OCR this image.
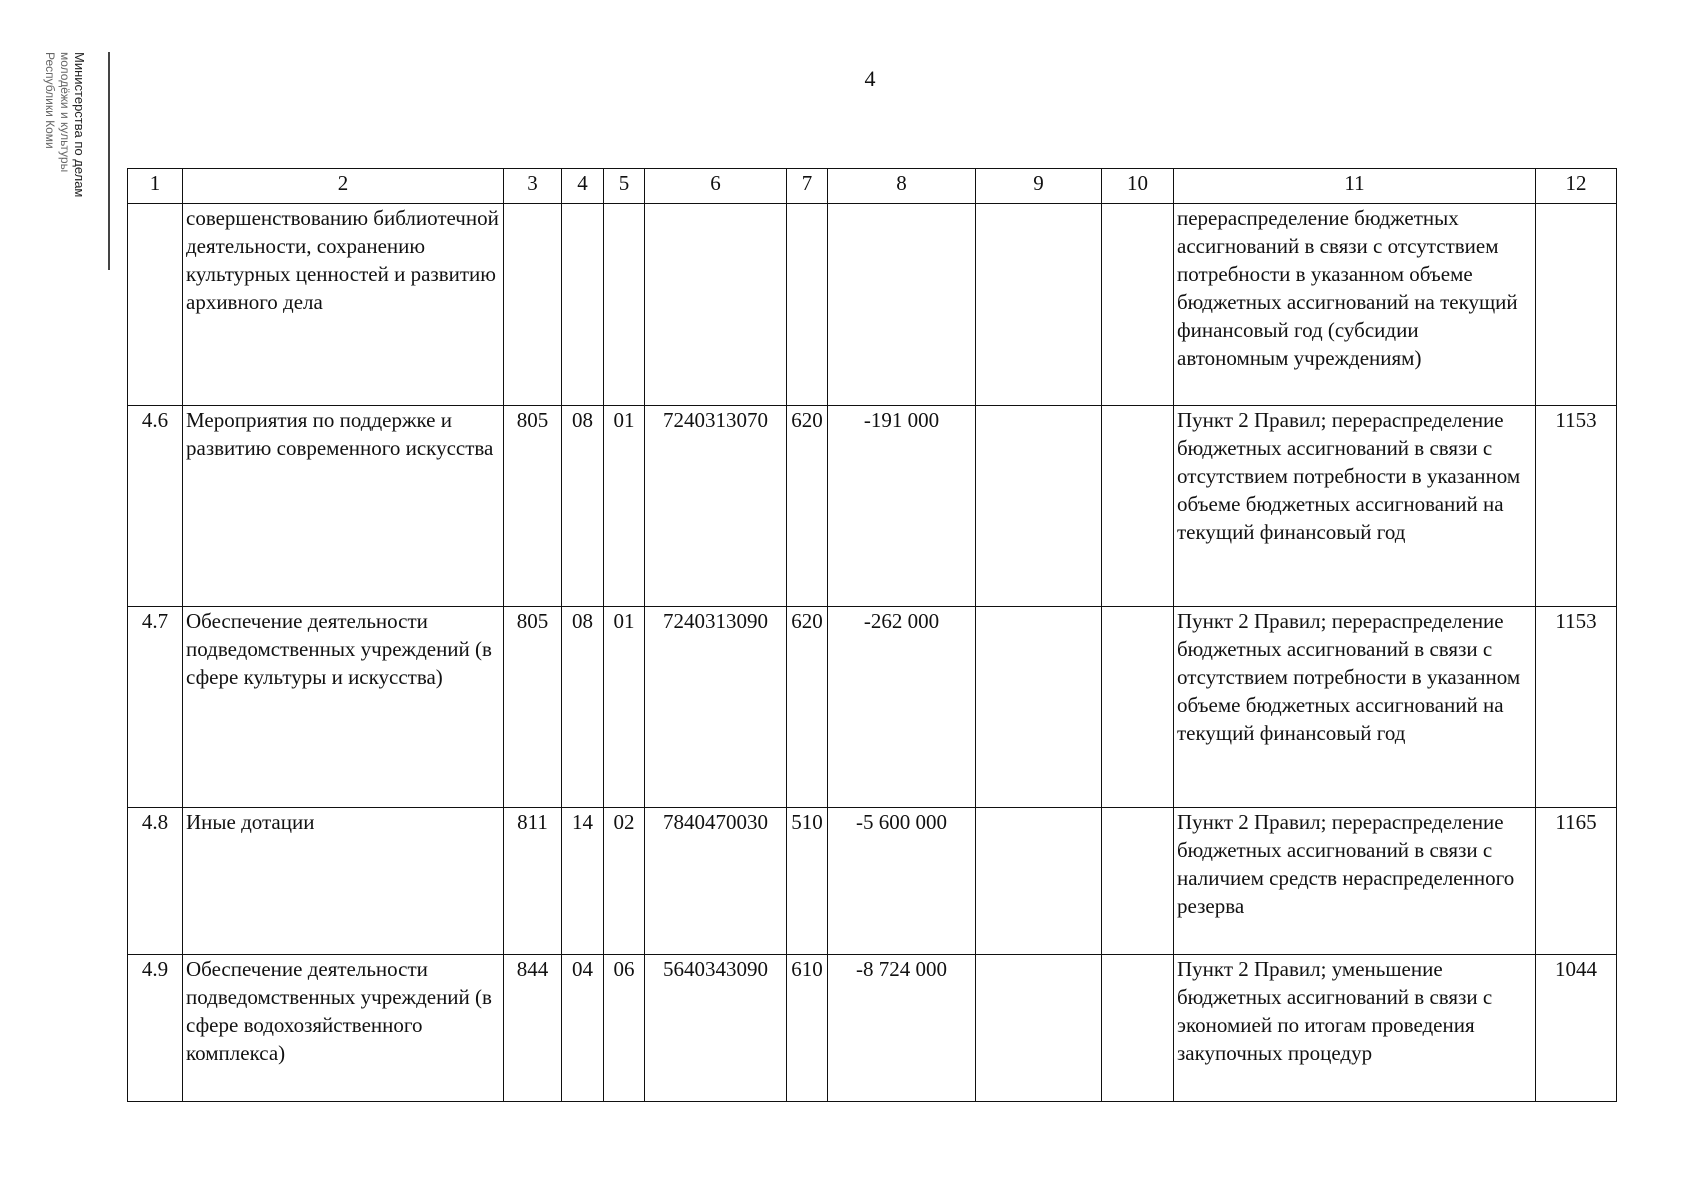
4
Министерства по делам
молодёжи и культуры
Республики Коми
1	2	3	4	5	6	7	8	9	10	11	12
	совершенствованию библиотечной деятельности, сохранению культурных ценностей и развитию архивного дела									перераспределение бюджетных ассигнований в связи с отсутствием потребности в указанном объеме бюджетных ассигнований на текущий финансовый год (субсидии автономным учреждениям)	
4.6	Мероприятия по поддержке и развитию современного искусства	805	08	01	7240313070	620	-191 000			Пункт 2 Правил; перераспределение бюджетных ассигнований в связи с отсутствием потребности в указанном объеме бюджетных ассигнований на текущий финансовый год	1153
4.7	Обеспечение деятельности подведомственных учреждений (в сфере культуры и искусства)	805	08	01	7240313090	620	-262 000			Пункт 2 Правил; перераспределение бюджетных ассигнований в связи с отсутствием потребности в указанном объеме бюджетных ассигнований на текущий финансовый год	1153
4.8	Иные дотации	811	14	02	7840470030	510	-5 600 000			Пункт 2 Правил; перераспределение бюджетных ассигнований в связи с наличием средств нераспределенного резерва	1165
4.9	Обеспечение деятельности подведомственных учреждений (в сфере водохозяйственного комплекса)	844	04	06	5640343090	610	-8 724 000			Пункт 2 Правил; уменьшение бюджетных ассигнований в связи с экономией по итогам проведения закупочных процедур	1044
